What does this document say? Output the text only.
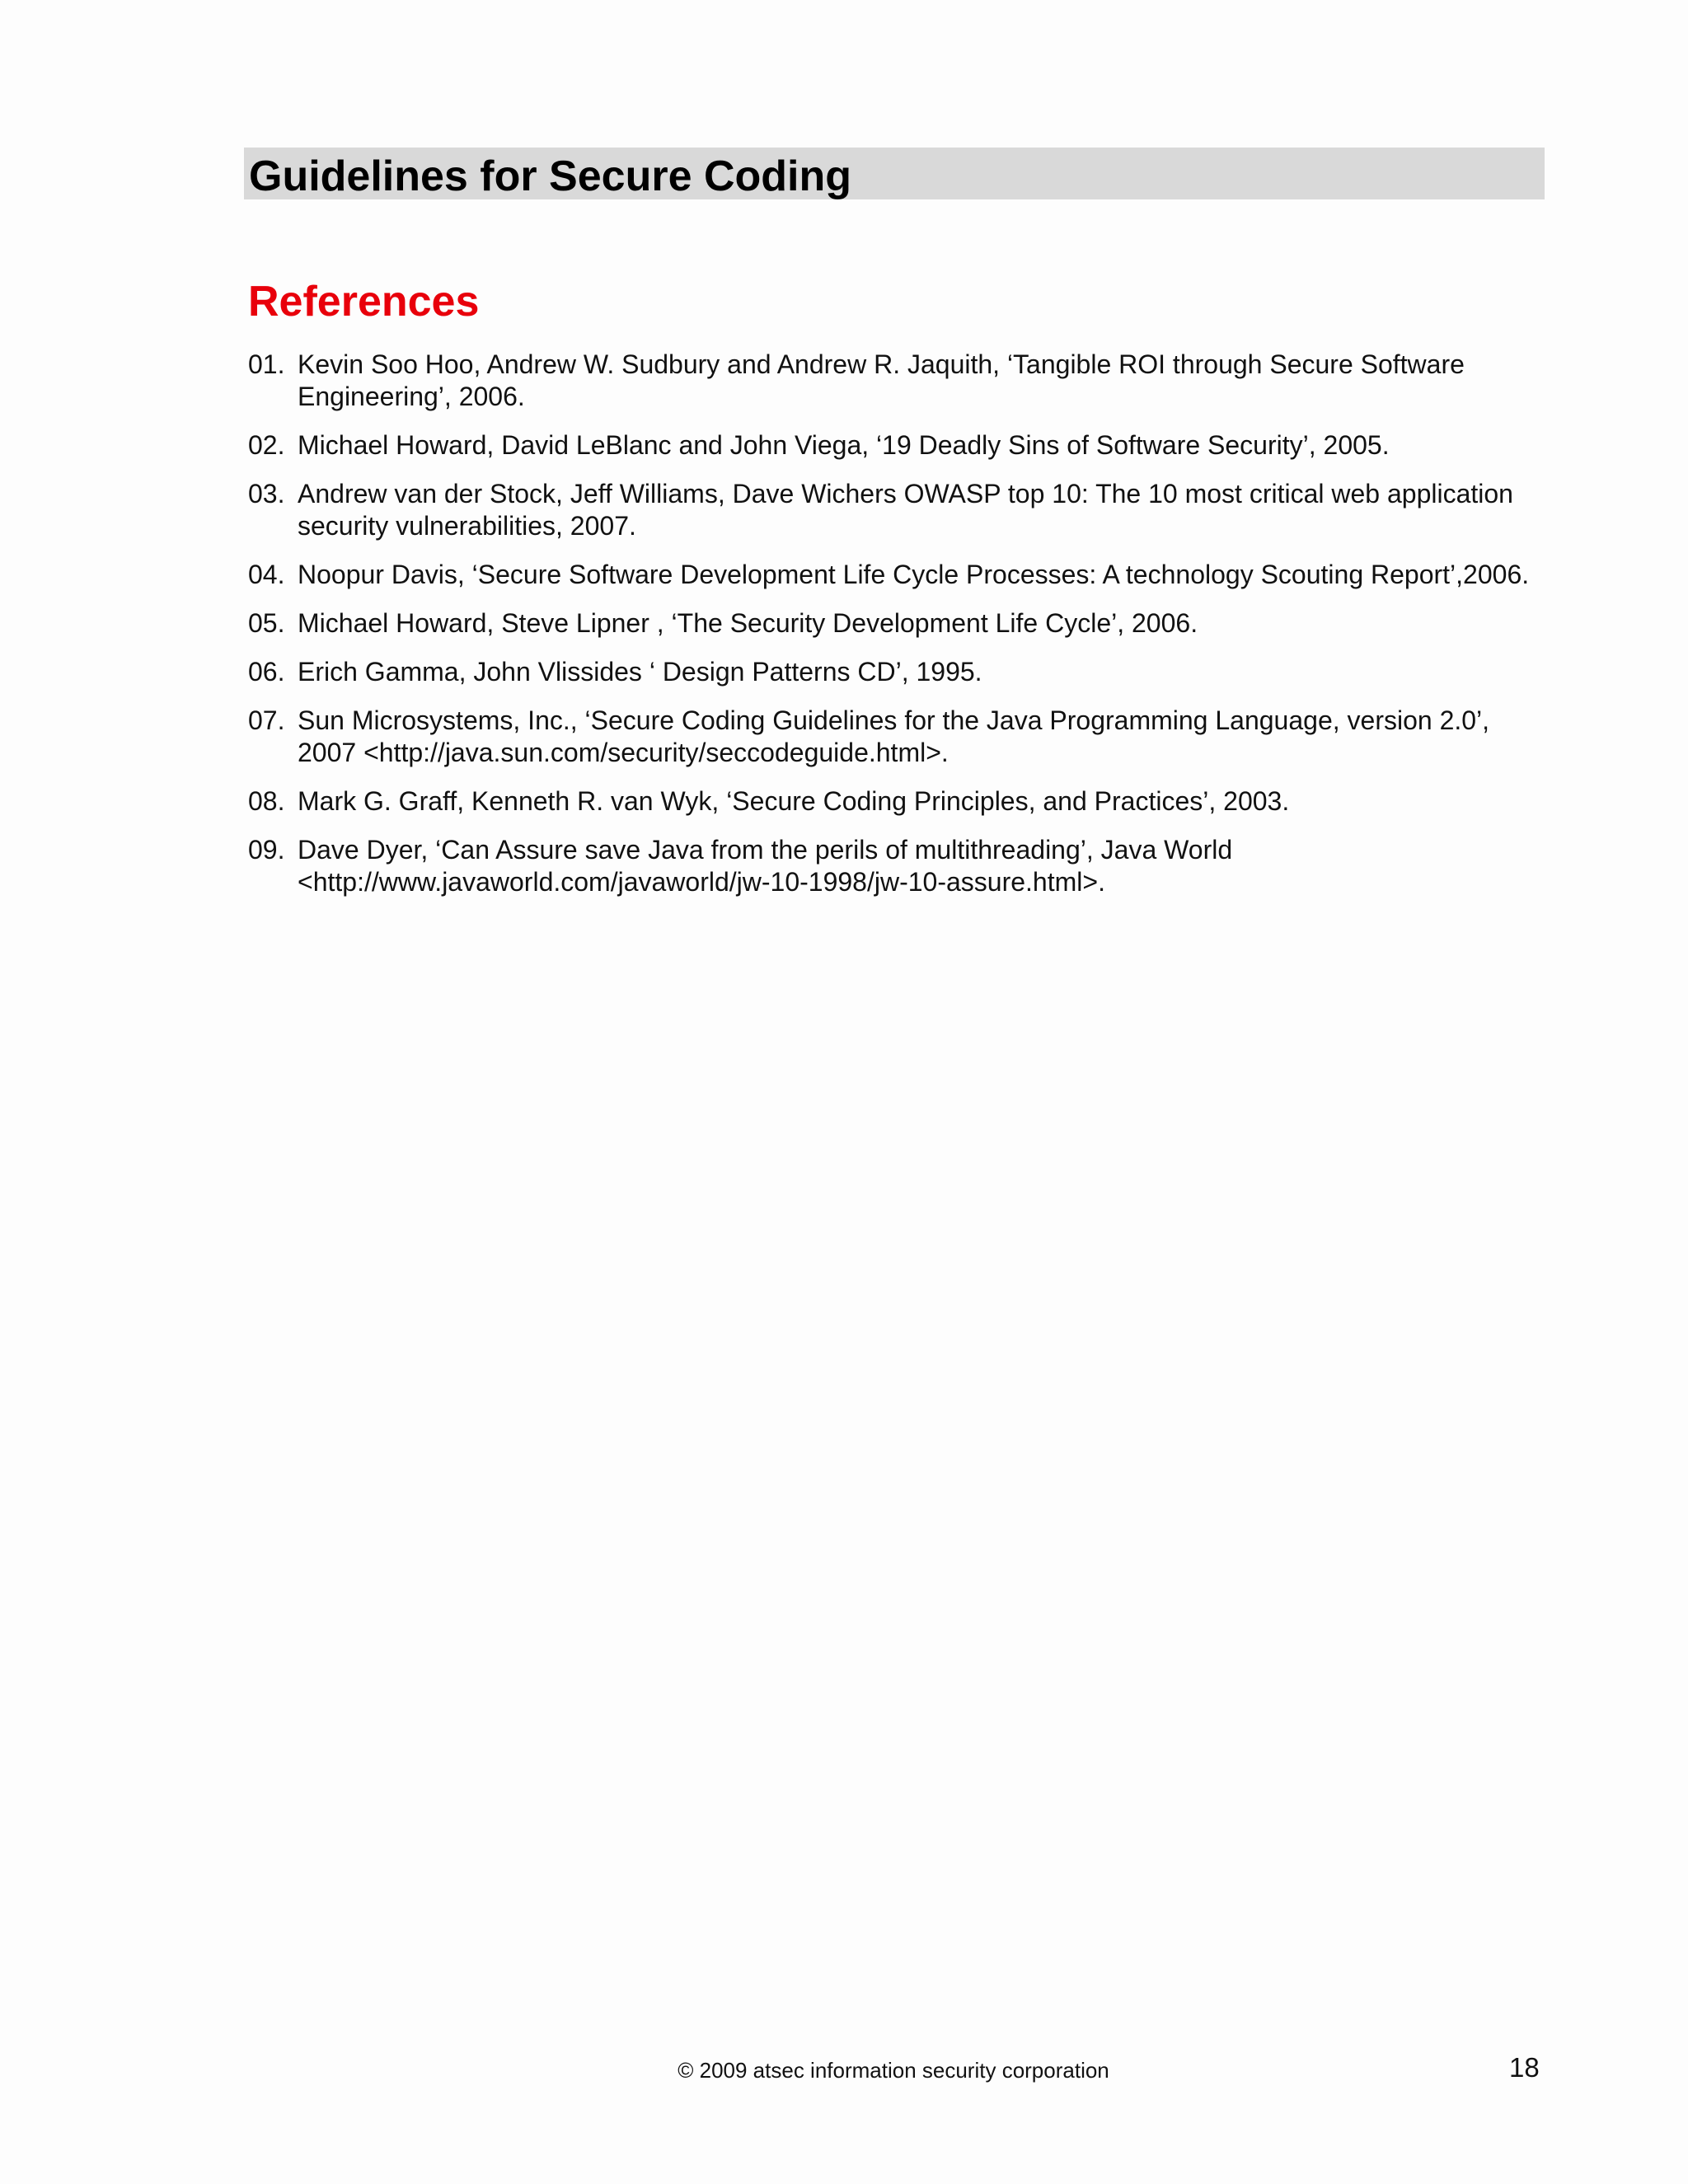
Guidelines for Secure Coding
References
01. Kevin Soo Hoo, Andrew W. Sudbury and Andrew R. Jaquith, ‘Tangible ROI through Secure Software Engineering’, 2006.
02. Michael Howard, David LeBlanc and John Viega, ‘19 Deadly Sins of Software Security’, 2005.
03. Andrew van der Stock, Jeff Williams, Dave Wichers OWASP top 10: The 10 most critical web application security vulnerabilities, 2007.
04. Noopur Davis, ‘Secure Software Development Life Cycle Processes: A technology Scouting Report’,2006.
05. Michael Howard, Steve Lipner , ‘The Security Development Life Cycle’, 2006.
06. Erich Gamma, John Vlissides ‘ Design Patterns CD’, 1995.
07. Sun Microsystems, Inc., ‘Secure Coding Guidelines for the Java Programming Language, version 2.0’, 2007 <http://java.sun.com/security/seccodeguide.html>.
08. Mark G. Graff, Kenneth R. van Wyk, ‘Secure Coding Principles, and Practices’, 2003.
09. Dave Dyer, ‘Can Assure save Java from the perils of multithreading’, Java World <http://www.javaworld.com/javaworld/jw-10-1998/jw-10-assure.html>.
© 2009 atsec information security corporation	18
